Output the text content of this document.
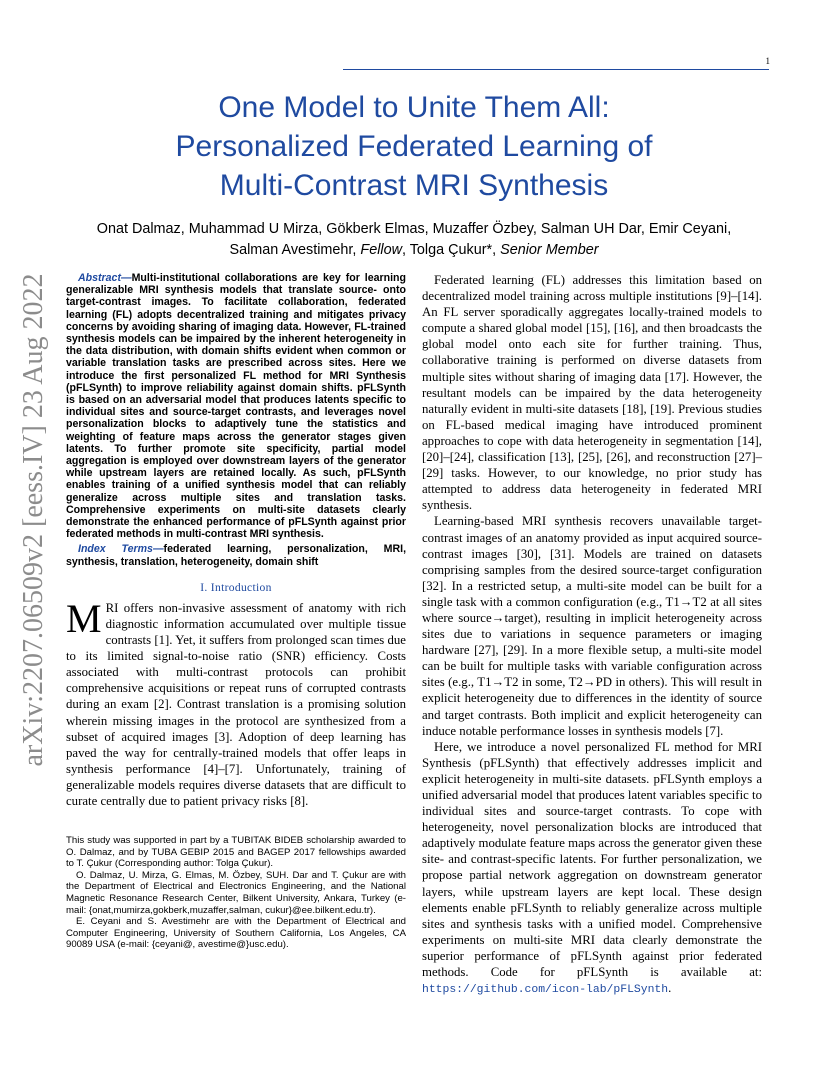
1
arXiv:2207.06509v2 [eess.IV] 23 Aug 2022
One Model to Unite Them All:
Personalized Federated Learning of
Multi-Contrast MRI Synthesis
Onat Dalmaz, Muhammad U Mirza, Gökberk Elmas, Muzaffer Özbey, Salman UH Dar, Emir Ceyani,
Salman Avestimehr, Fellow, Tolga Çukur*, Senior Member

Abstract—Multi-institutional collaborations are key for learning generalizable MRI synthesis models that translate source- onto target-contrast images. To facilitate collaboration, federated learning (FL) adopts decentralized training and mitigates privacy concerns by avoiding sharing of imaging data. However, FL-trained synthesis models can be impaired by the inherent heterogeneity in the data distribution, with domain shifts evident when common or variable translation tasks are prescribed across sites. Here we introduce the first personalized FL method for MRI Synthesis (pFLSynth) to improve reliability against domain shifts. pFLSynth is based on an adversarial model that produces latents specific to individual sites and source-target contrasts, and leverages novel personalization blocks to adaptively tune the statistics and weighting of feature maps across the generator stages given latents. To further promote site specificity, partial model aggregation is employed over downstream layers of the generator while upstream layers are retained locally. As such, pFLSynth enables training of a unified synthesis model that can reliably generalize across multiple sites and translation tasks. Comprehensive experiments on multi-site datasets clearly demonstrate the enhanced performance of pFLSynth against prior federated methods in multi-contrast MRI synthesis.

Index Terms—federated learning, personalization, MRI, synthesis, translation, heterogeneity, domain shift

I. Introduction

MRI offers non-invasive assessment of anatomy with rich diagnostic information accumulated over multiple tissue contrasts [1]. Yet, it suffers from prolonged scan times due to its limited signal-to-noise ratio (SNR) efficiency. Costs associated with multi-contrast protocols can prohibit comprehensive acquisitions or repeat runs of corrupted contrasts during an exam [2]. Contrast translation is a promising solution wherein missing images in the protocol are synthesized from a subset of acquired images [3]. Adoption of deep learning has paved the way for centrally-trained models that offer leaps in synthesis performance [4]–[7]. Unfortunately, training of generalizable models requires diverse datasets that are difficult to curate centrally due to patient privacy risks [8].

This study was supported in part by a TUBITAK BIDEB scholarship awarded to O. Dalmaz, and by TUBA GEBIP 2015 and BAGEP 2017 fellowships awarded to T. Çukur (Corresponding author: Tolga Çukur).

O. Dalmaz, U. Mirza, G. Elmas, M. Özbey, SUH. Dar and T. Çukur are with the Department of Electrical and Electronics Engineering, and the National Magnetic Resonance Research Center, Bilkent University, Ankara, Turkey (e-mail: {onat,mumirza,gokberk,muzaffer,salman, cukur}@ee.bilkent.edu.tr).

E. Ceyani and S. Avestimehr are with the Department of Electrical and Computer Engineering, University of Southern California, Los Angeles, CA 90089 USA (e-mail: {ceyani@, avestime@}usc.edu).

Federated learning (FL) addresses this limitation based on decentralized model training across multiple institutions [9]–[14]. An FL server sporadically aggregates locally-trained models to compute a shared global model [15], [16], and then broadcasts the global model onto each site for further training. Thus, collaborative training is performed on diverse datasets from multiple sites without sharing of imaging data [17]. However, the resultant models can be impaired by the data heterogeneity naturally evident in multi-site datasets [18], [19]. Previous studies on FL-based medical imaging have introduced prominent approaches to cope with data heterogeneity in segmentation [14], [20]–[24], classification [13], [25], [26], and reconstruction [27]–[29] tasks. However, to our knowledge, no prior study has attempted to address data heterogeneity in federated MRI synthesis.

Learning-based MRI synthesis recovers unavailable target-contrast images of an anatomy provided as input acquired source-contrast images [30], [31]. Models are trained on datasets comprising samples from the desired source-target configuration [32]. In a restricted setup, a multi-site model can be built for a single task with a common configuration (e.g., T1→T2 at all sites where source→target), resulting in implicit heterogeneity across sites due to variations in sequence parameters or imaging hardware [27], [29]. In a more flexible setup, a multi-site model can be built for multiple tasks with variable configuration across sites (e.g., T1→T2 in some, T2→PD in others). This will result in explicit heterogeneity due to differences in the identity of source and target contrasts. Both implicit and explicit heterogeneity can induce notable performance losses in synthesis models [7].

Here, we introduce a novel personalized FL method for MRI Synthesis (pFLSynth) that effectively addresses implicit and explicit heterogeneity in multi-site datasets. pFLSynth employs a unified adversarial model that produces latent variables specific to individual sites and source-target contrasts. To cope with heterogeneity, novel personalization blocks are introduced that adaptively modulate feature maps across the generator given these site- and contrast-specific latents. For further personalization, we propose partial network aggregation on downstream generator layers, while upstream layers are kept local. These design elements enable pFLSynth to reliably generalize across multiple sites and synthesis tasks with a unified model. Comprehensive experiments on multi-site MRI data clearly demonstrate the superior performance of pFLSynth against prior federated methods. Code for pFLSynth is available at: https://github.com/icon-lab/pFLSynth.
